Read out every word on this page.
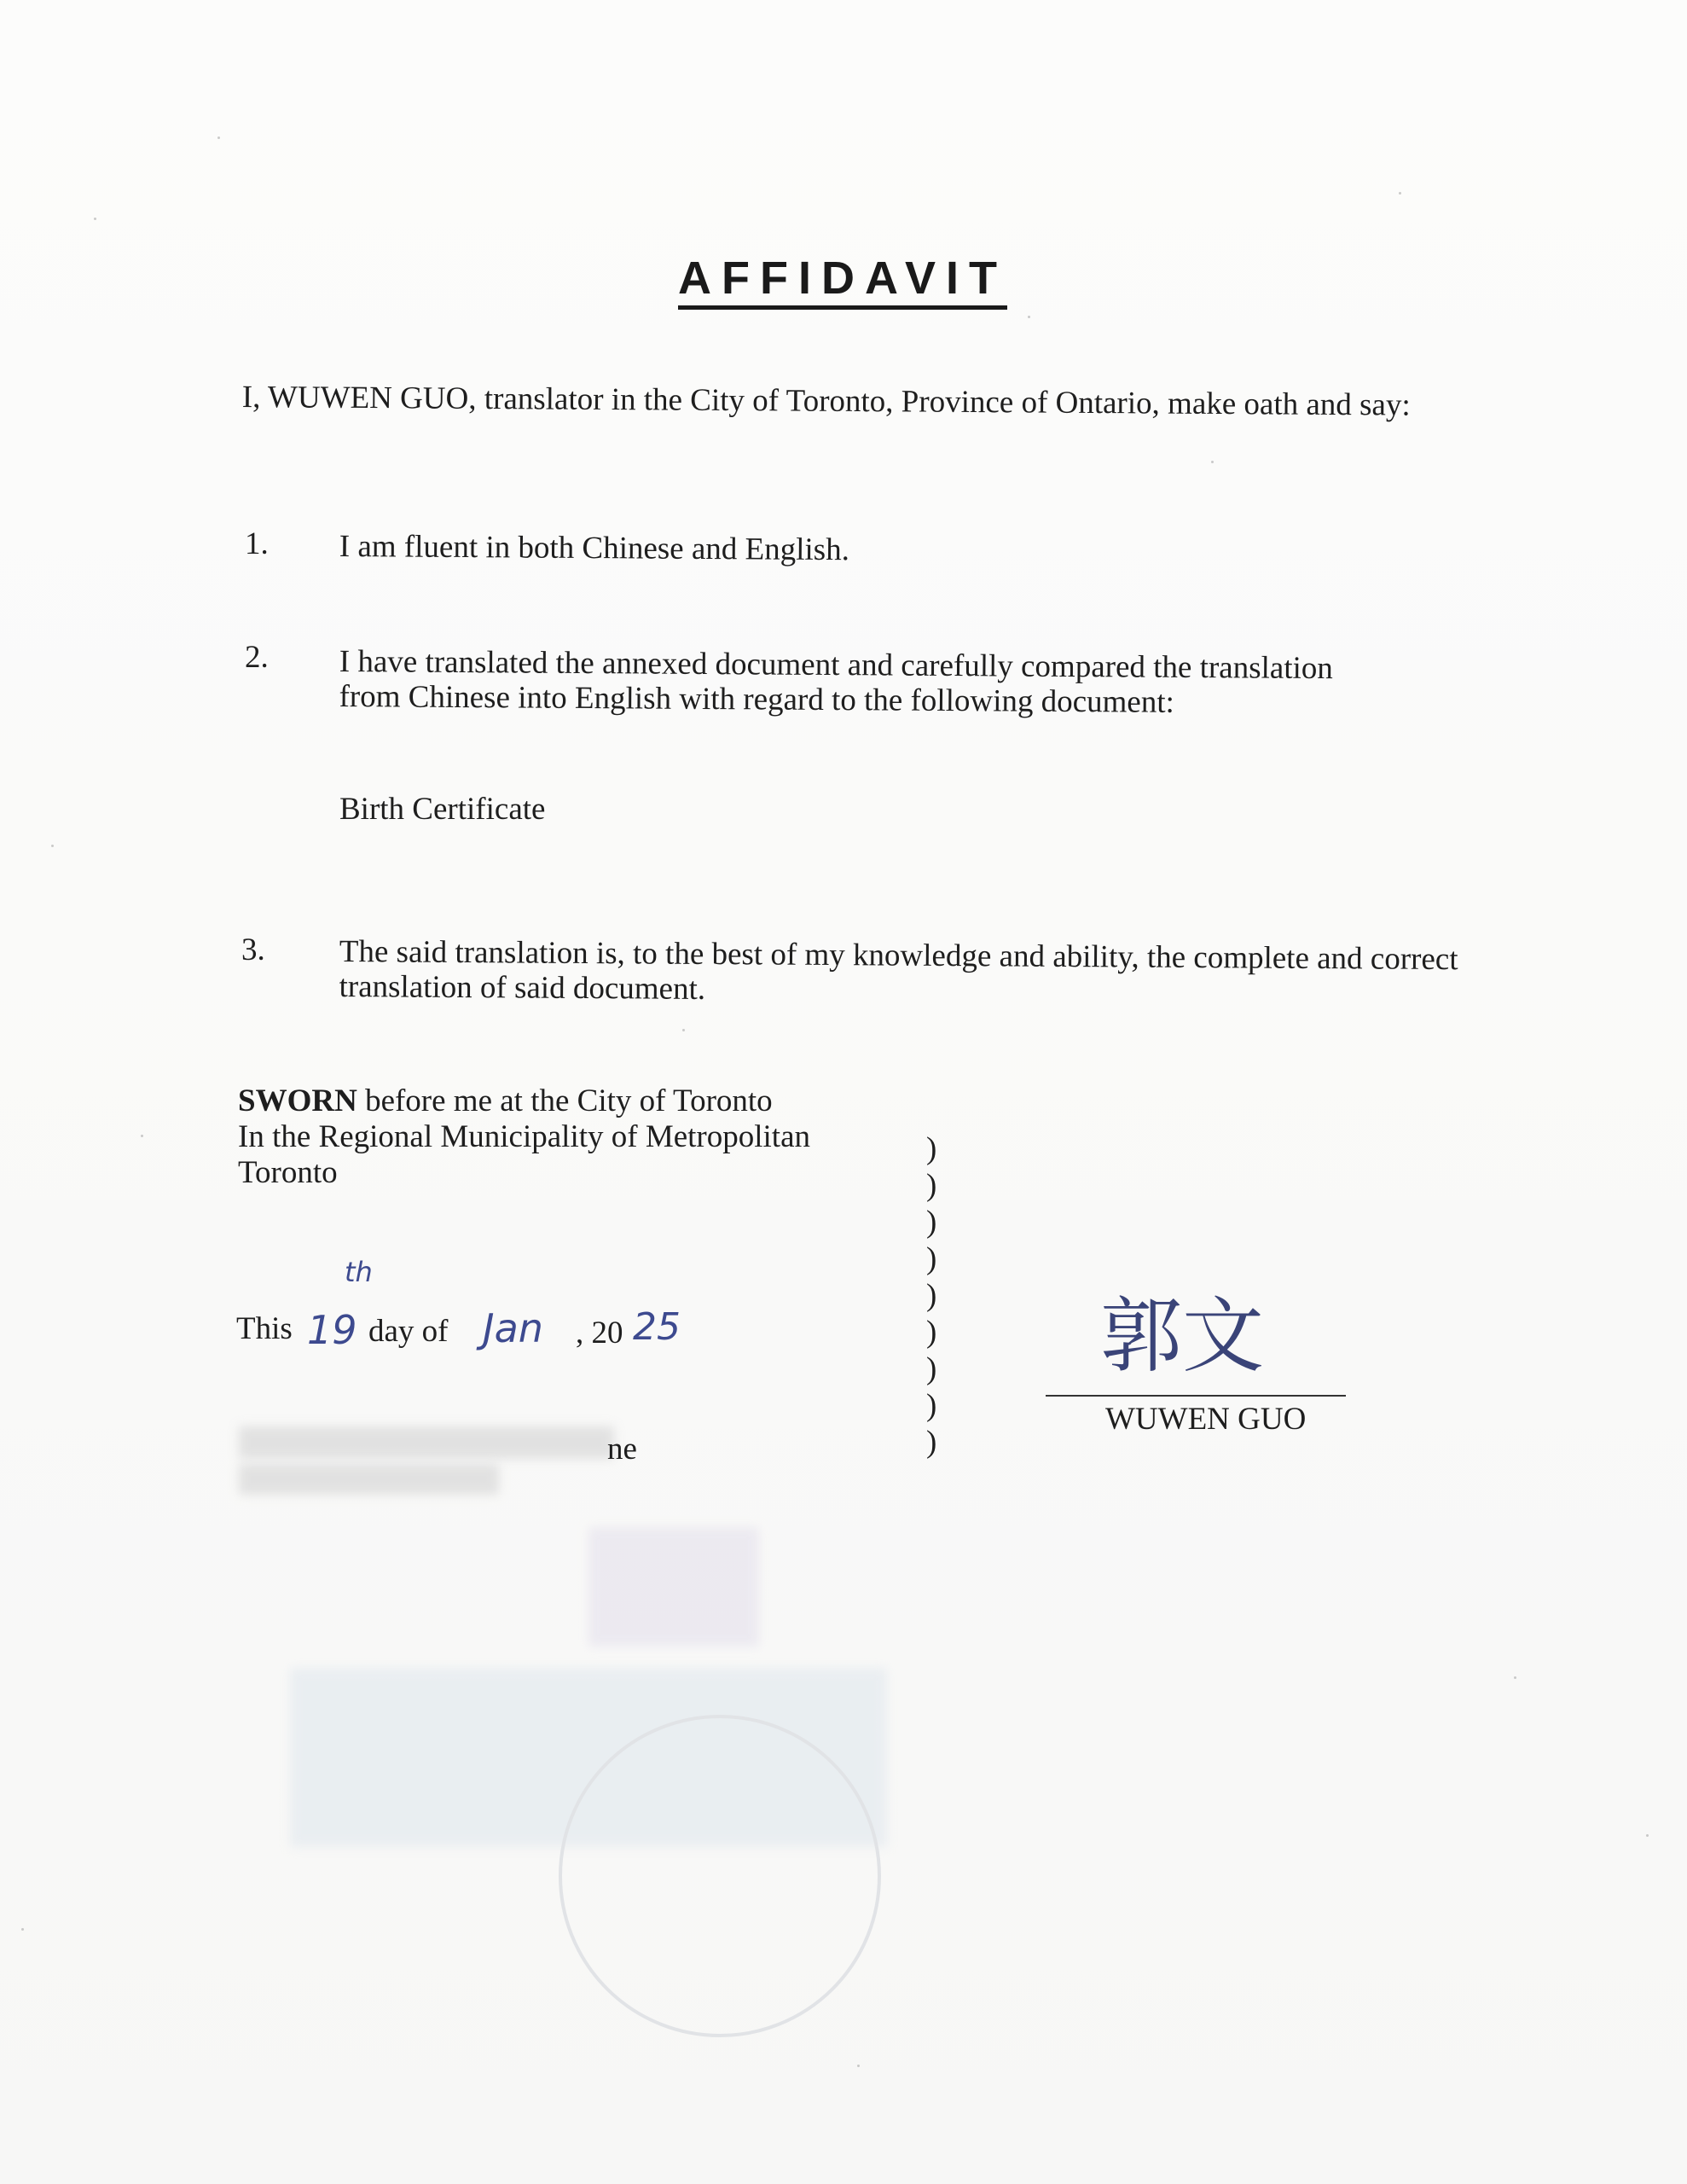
AFFIDAVIT
I, WUWEN GUO, translator in the City of Toronto, Province of Ontario, make oath and say:
1. I am fluent in both Chinese and English.
2. I have translated the annexed document and carefully compared the translation from Chinese into English with regard to the following document:
Birth Certificate
3. The said translation is, to the best of my knowledge and ability, the complete and correct translation of said document.
SWORN before me at the City of Toronto
In the Regional Municipality of Metropolitan
Toronto
)
)
)
)
)
)
)
)
)
This 19
th
day of Jan , 20 25
ne
郭文
WUWEN GUO
